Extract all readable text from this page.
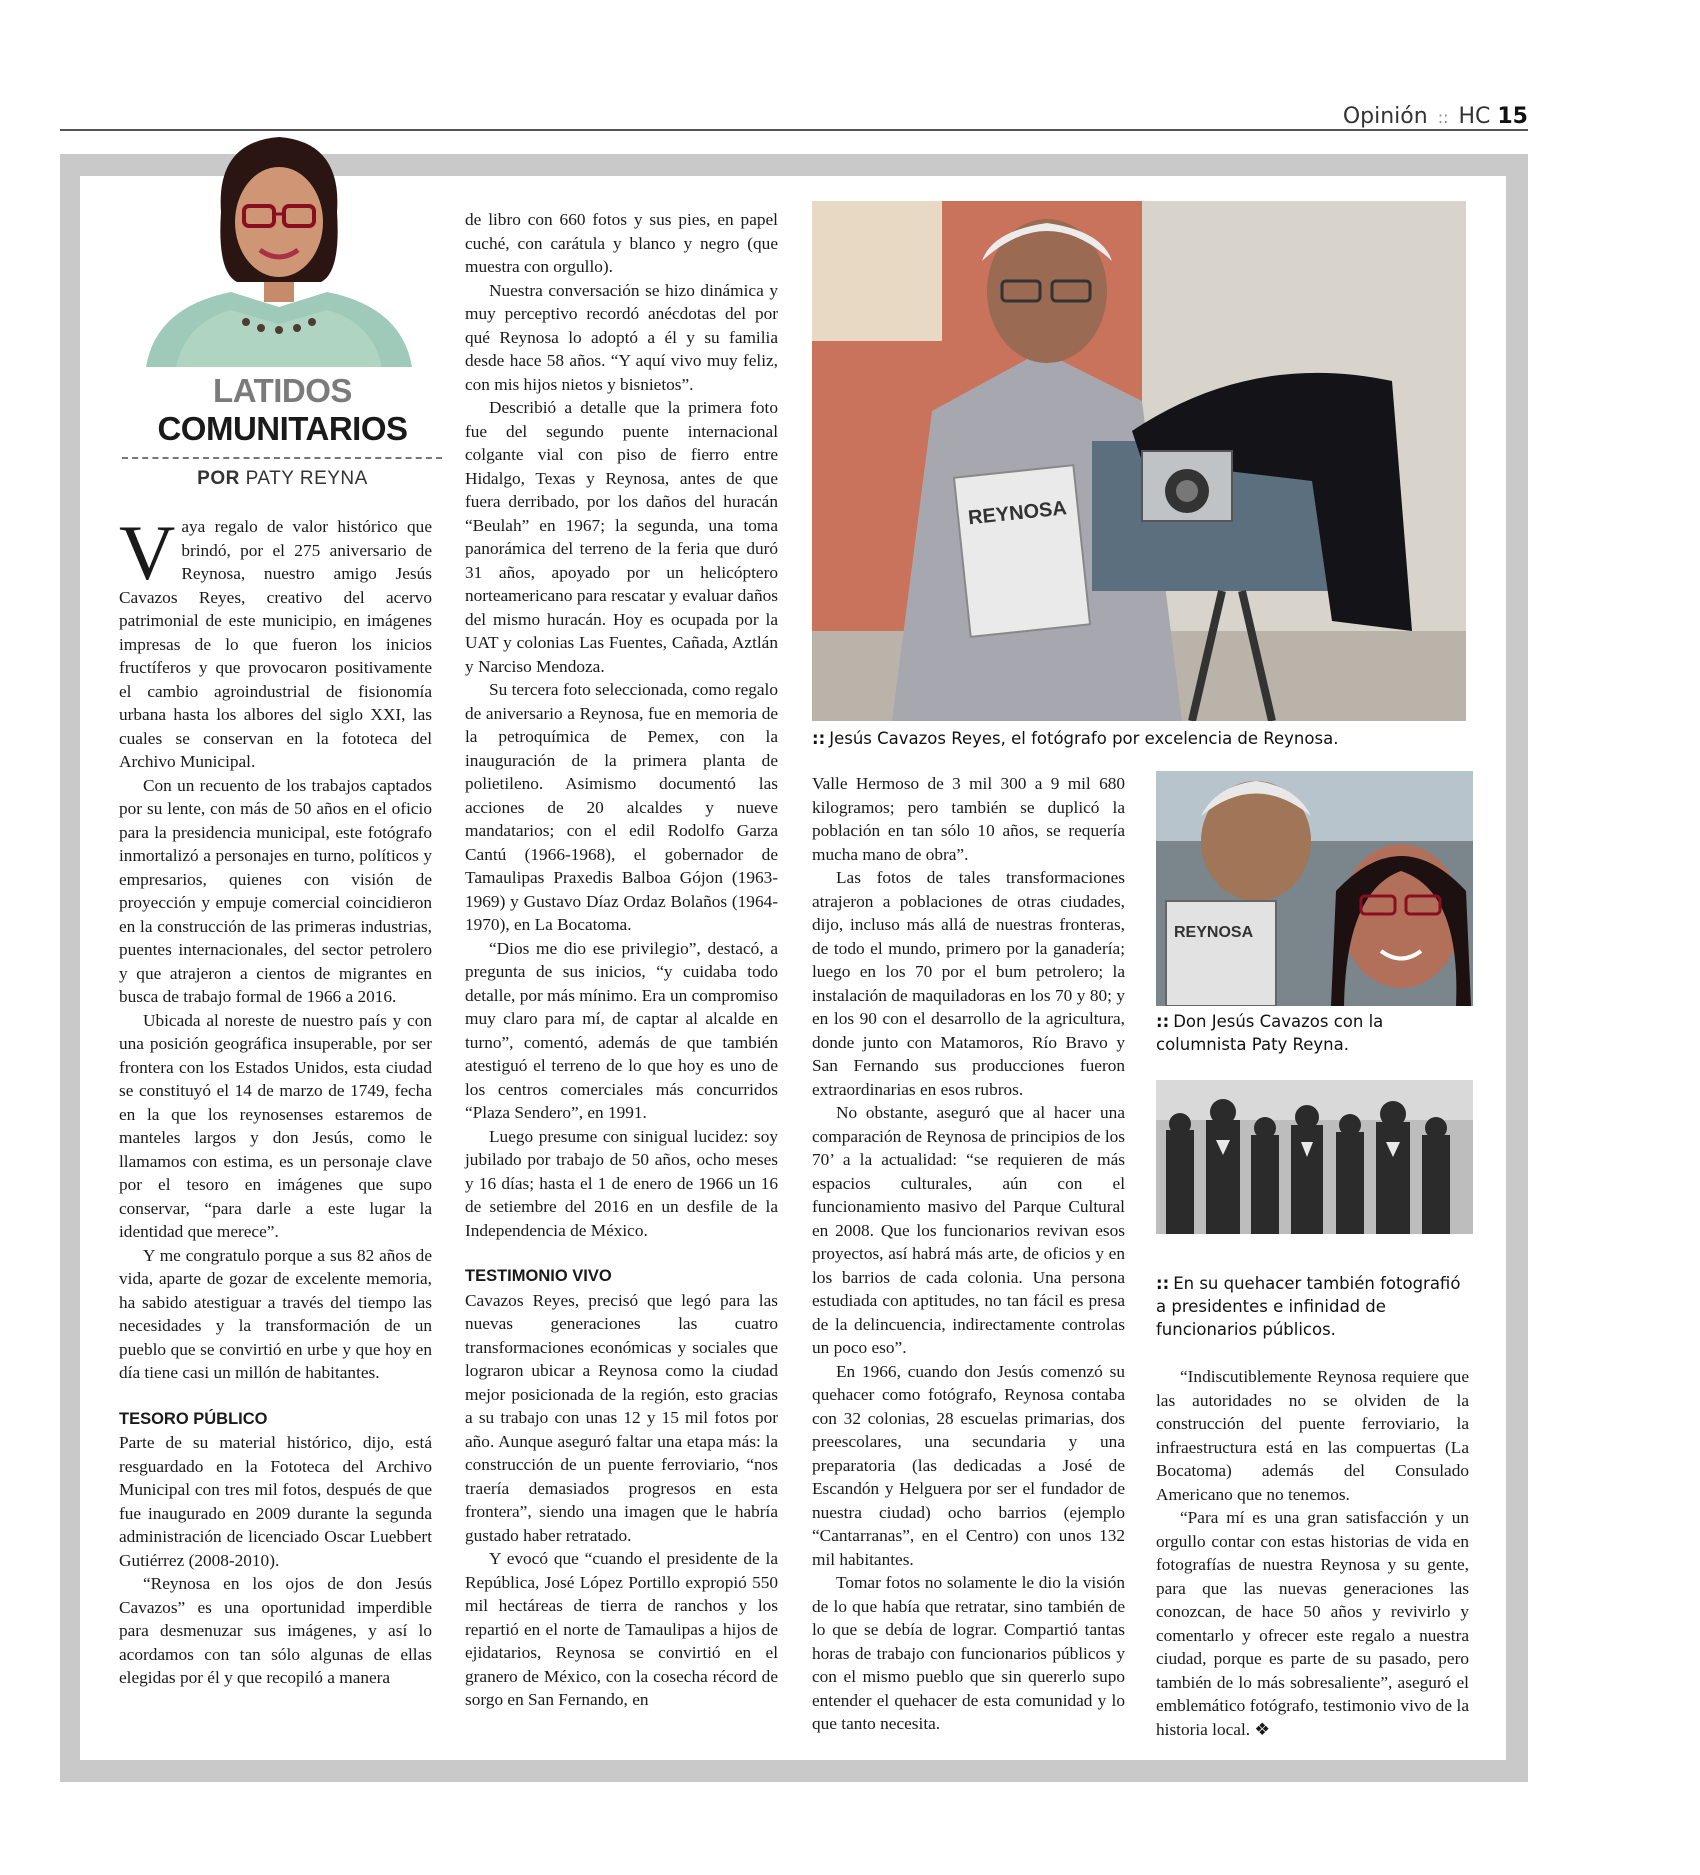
Opinión :: HC 15
LATIDOS
COMUNITARIOS
POR PATY REYNA

Vaya regalo de valor histórico que brindó, por el 275 aniversario de Reynosa, nuestro amigo Jesús Cavazos Reyes, creativo del acervo patrimonial de este municipio, en imágenes impresas de lo que fueron los inicios fructíferos y que provocaron positivamente el cambio agroindustrial de fisionomía urbana hasta los albores del siglo XXI, las cuales se conservan en la fototeca del Archivo Municipal.

Con un recuento de los trabajos captados por su lente, con más de 50 años en el oficio para la presidencia municipal, este fotógrafo inmortalizó a personajes en turno, políticos y empresarios, quienes con visión de proyección y empuje comercial coincidieron en la construcción de las primeras industrias, puentes internacionales, del sector petrolero y que atrajeron a cientos de migrantes en busca de trabajo formal de 1966 a 2016.

Ubicada al noreste de nuestro país y con una posición geográfica insuperable, por ser frontera con los Estados Unidos, esta ciudad se constituyó el 14 de marzo de 1749, fecha en la que los reynosenses estaremos de manteles largos y don Jesús, como le llamamos con estima, es un personaje clave por el tesoro en imágenes que supo conservar, “para darle a este lugar la identidad que merece”.

Y me congratulo porque a sus 82 años de vida, aparte de gozar de excelente memoria, ha sabido atestiguar a través del tiempo las necesidades y la transformación de un pueblo que se convirtió en urbe y que hoy en día tiene casi un millón de habitantes.

TESORO PÚBLICO

Parte de su material histórico, dijo, está resguardado en la Fototeca del Archivo Municipal con tres mil fotos, después de que fue inaugurado en 2009 durante la segunda administración de licenciado Oscar Luebbert Gutiérrez (2008-2010).

“Reynosa en los ojos de don Jesús Cavazos” es una oportunidad imperdible para desmenuzar sus imágenes, y así lo acordamos con tan sólo algunas de ellas elegidas por él y que recopiló a manera

de libro con 660 fotos y sus pies, en papel cuché, con carátula y blanco y negro (que muestra con orgullo).

Nuestra conversación se hizo dinámica y muy perceptivo recordó anécdotas del por qué Reynosa lo adoptó a él y su familia desde hace 58 años. “Y aquí vivo muy feliz, con mis hijos nietos y bisnietos”.

Describió a detalle que la primera foto fue del segundo puente internacional colgante vial con piso de fierro entre Hidalgo, Texas y Reynosa, antes de que fuera derribado, por los daños del huracán “Beulah” en 1967; la segunda, una toma panorámica del terreno de la feria que duró 31 años, apoyado por un helicóptero norteamericano para rescatar y evaluar daños del mismo huracán. Hoy es ocupada por la UAT y colonias Las Fuentes, Cañada, Aztlán y Narciso Mendoza.

Su tercera foto seleccionada, como regalo de aniversario a Reynosa, fue en memoria de la petroquímica de Pemex, con la inauguración de la primera planta de polietileno. Asimismo documentó las acciones de 20 alcaldes y nueve mandatarios; con el edil Rodolfo Garza Cantú (1966-1968), el gobernador de Tamaulipas Praxedis Balboa Gójon (1963-1969) y Gustavo Díaz Ordaz Bolaños (1964-1970), en La Bocatoma.

“Dios me dio ese privilegio”, destacó, a pregunta de sus inicios, “y cuidaba todo detalle, por más mínimo. Era un compromiso muy claro para mí, de captar al alcalde en turno”, comentó, además de que también atestiguó el terreno de lo que hoy es uno de los centros comerciales más concurridos “Plaza Sendero”, en 1991.

Luego presume con sinigual lucidez: soy jubilado por trabajo de 50 años, ocho meses y 16 días; hasta el 1 de enero de 1966 un 16 de setiembre del 2016 en un desfile de la Independencia de México.

TESTIMONIO VIVO

Cavazos Reyes, precisó que legó para las nuevas generaciones las cuatro transformaciones económicas y sociales que lograron ubicar a Reynosa como la ciudad mejor posicionada de la región, esto gracias a su trabajo con unas 12 y 15 mil fotos por año. Aunque aseguró faltar una etapa más: la construcción de un puente ferroviario, “nos traería demasiados progresos en esta frontera”, siendo una imagen que le habría gustado haber retratado.

Y evocó que “cuando el presidente de la República, José López Portillo expropió 550 mil hectáreas de tierra de ranchos y los repartió en el norte de Tamaulipas a hijos de ejidatarios, Reynosa se convirtió en el granero de México, con la cosecha récord de sorgo en San Fernando, en

REYNOSA
:: Jesús Cavazos Reyes, el fotógrafo por excelencia de Reynosa.

Valle Hermoso de 3 mil 300 a 9 mil 680 kilogramos; pero también se duplicó la población en tan sólo 10 años, se requería mucha mano de obra”.

Las fotos de tales transformaciones atrajeron a poblaciones de otras ciudades, dijo, incluso más allá de nuestras fronteras, de todo el mundo, primero por la ganadería; luego en los 70 por el bum petrolero; la instalación de maquiladoras en los 70 y 80; y en los 90 con el desarrollo de la agricultura, donde junto con Matamoros, Río Bravo y San Fernando sus producciones fueron extraordinarias en esos rubros.

No obstante, aseguró que al hacer una comparación de Reynosa de principios de los 70’ a la actualidad: “se requieren de más espacios culturales, aún con el funcionamiento masivo del Parque Cultural en 2008. Que los funcionarios revivan esos proyectos, así habrá más arte, de oficios y en los barrios de cada colonia. Una persona estudiada con aptitudes, no tan fácil es presa de la delincuencia, indirectamente controlas un poco eso”.

En 1966, cuando don Jesús comenzó su quehacer como fotógrafo, Reynosa contaba con 32 colonias, 28 escuelas primarias, dos preescolares, una secundaria y una preparatoria (las dedicadas a José de Escandón y Helguera por ser el fundador de nuestra ciudad) ocho barrios (ejemplo “Cantarranas”, en el Centro) con unos 132 mil habitantes.

Tomar fotos no solamente le dio la visión de lo que había que retratar, sino también de lo que se debía de lograr. Compartió tantas horas de trabajo con funcionarios públicos y con el mismo pueblo que sin quererlo supo entender el quehacer de esta comunidad y lo que tanto necesita.

REYNOSA
:: Don Jesús Cavazos con la columnista Paty Reyna.
:: En su quehacer también fotografió a presidentes e infinidad de funcionarios públicos.

“Indiscutiblemente Reynosa requiere que las autoridades no se olviden de la construcción del puente ferroviario, la infraestructura está en las compuertas (La Bocatoma) además del Consulado Americano que no tenemos.

“Para mí es una gran satisfacción y un orgullo contar con estas historias de vida en fotografías de nuestra Reynosa y su gente, para que las nuevas generaciones las conozcan, de hace 50 años y revivirlo y comentarlo y ofrecer este regalo a nuestra ciudad, porque es parte de su pasado, pero también de lo más sobresaliente”, aseguró el emblemático fotógrafo, testimonio vivo de la historia local. ❖
